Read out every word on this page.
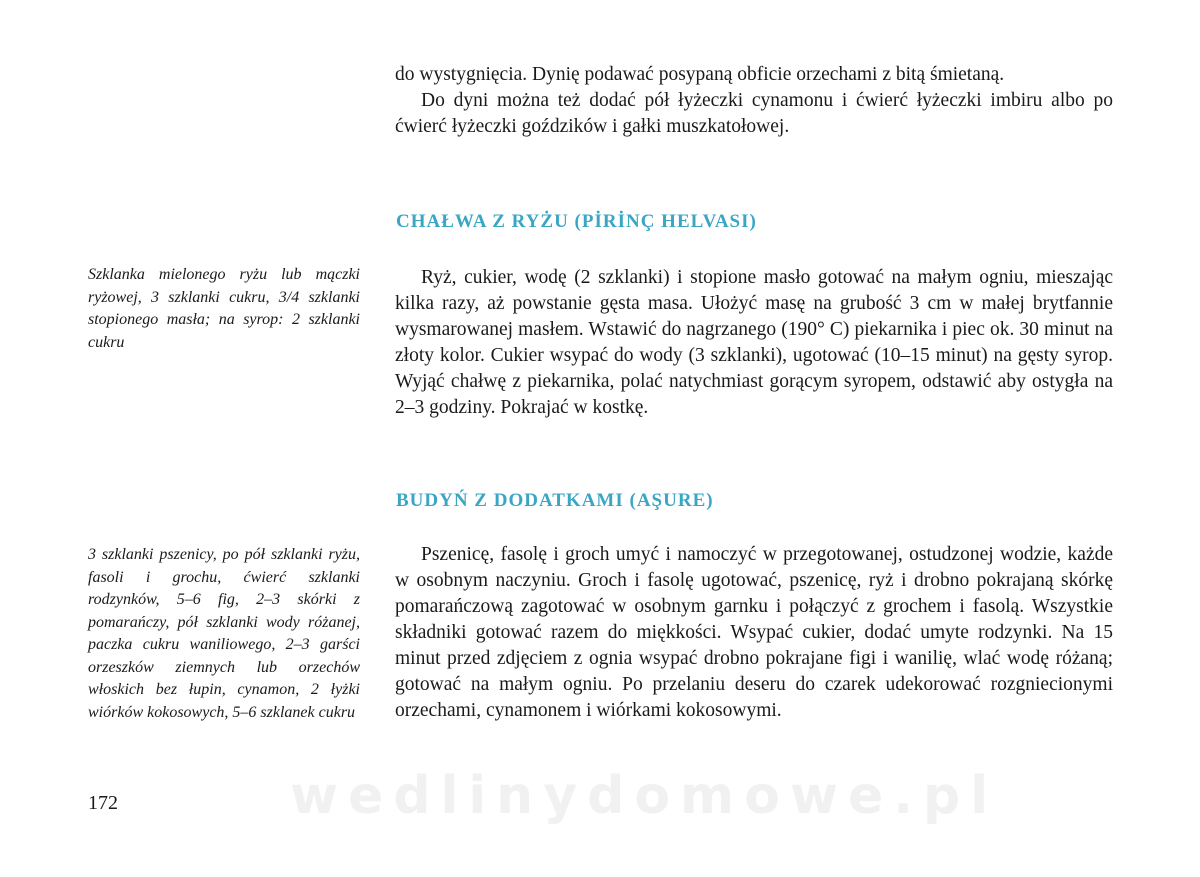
do wystygnięcia. Dynię podawać posypaną obficie orzechami z bitą śmietaną.

Do dyni można też dodać pół łyżeczki cynamonu i ćwierć łyżeczki imbiru albo po ćwierć łyżeczki goździków i gałki muszkatołowej.

CHAŁWA Z RYŻU (PİRİNÇ HELVASI)

Szklanka mielonego ryżu lub mączki ryżowej, 3 szklanki cukru, 3/4 szklanki stopionego masła; na syrop: 2 szklanki cukru

Ryż, cukier, wodę (2 szklanki) i stopione masło gotować na małym ogniu, mieszając kilka razy, aż powstanie gęsta masa. Ułożyć masę na grubość 3 cm w małej brytfannie wysmarowanej masłem. Wstawić do nagrzanego (190° C) piekarnika i piec ok. 30 minut na złoty kolor. Cukier wsypać do wody (3 szklanki), ugotować (10–15 minut) na gęsty syrop. Wyjąć chałwę z piekarnika, polać natychmiast gorącym syropem, odstawić aby ostygła na 2–3 godziny. Pokrajać w kostkę.

BUDYŃ Z DODATKAMI (AŞURE)

3 szklanki pszenicy, po pół szklanki ryżu, fasoli i grochu, ćwierć szklanki rodzynków, 5–6 fig, 2–3 skórki z pomarańczy, pół szklanki wody różanej, paczka cukru waniliowego, 2–3 garści orzeszków ziemnych lub orzechów włoskich bez łupin, cynamon, 2 łyżki wiórków kokosowych, 5–6 szklanek cukru

Pszenicę, fasolę i groch umyć i namoczyć w przegotowanej, ostudzonej wodzie, każde w osobnym naczyniu. Groch i fasolę ugotować, pszenicę, ryż i drobno pokrajaną skórkę pomarańczową zagotować w osobnym garnku i połączyć z grochem i fasolą. Wszystkie składniki gotować razem do miękkości. Wsypać cukier, dodać umyte rodzynki. Na 15 minut przed zdjęciem z ognia wsypać drobno pokrajane figi i wanilię, wlać wodę różaną; gotować na małym ogniu. Po przelaniu deseru do czarek udekorować rozgniecionymi orzechami, cynamonem i wiórkami kokosowymi.

172	wedlinydomowe.pl
